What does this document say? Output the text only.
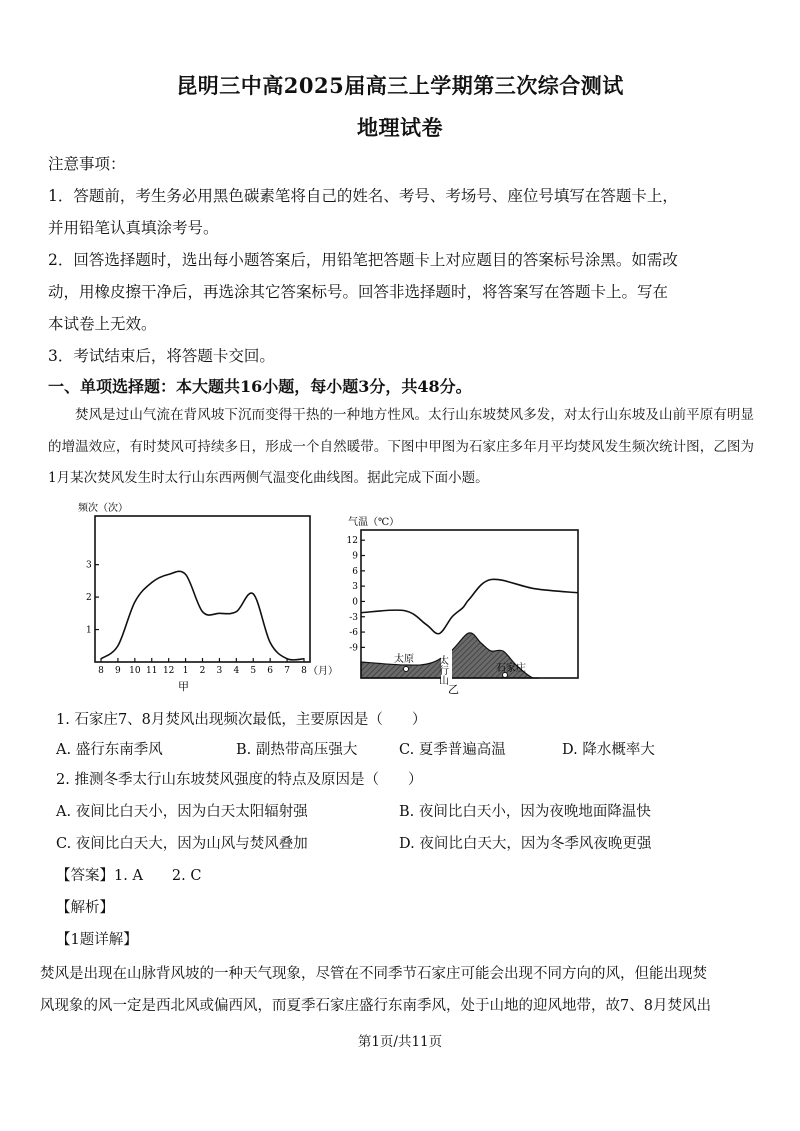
昆明三中高2025届高三上学期第三次综合测试
地理试卷
注意事项：
1．答题前，考生务必用黑色碳素笔将自己的姓名、考号、考场号、座位号填写在答题卡上，
并用铅笔认真填涂考号。
2．回答选择题时，选出每小题答案后，用铅笔把答题卡上对应题目的答案标号涂黑。如需改
动，用橡皮擦干净后，再选涂其它答案标号。回答非选择题时，将答案写在答题卡上。写在
本试卷上无效。
3．考试结束后，将答题卡交回。
一、单项选择题：本大题共16小题，每小题3分，共48分。
焚风是过山气流在背风坡下沉而变得干热的一种地方性风。太行山东坡焚风多发，对太行山东坡及山前平原有明显的增温效应，有时焚风可持续多日，形成一个自然暖带。下图中甲图为石家庄多年月平均焚风发生频次统计图，乙图为1月某次焚风发生时太行山东西两侧气温变化曲线图。据此完成下面小题。
频次（次）
1
2
3
8 9 10 11 12 1 2 3 4 5 6 7 8 （月）
甲
气温（℃）
12
9
6
3
0
-3
-6
-9
太原
石家庄
太行山
乙
1. 石家庄7、8月焚风出现频次最低，主要原因是（　　）
A. 盛行东南季风	B. 副热带高压强大	C. 夏季普遍高温	D. 降水概率大
2. 推测冬季太行山东坡焚风强度的特点及原因是（　　）
A. 夜间比白天小，因为白天太阳辐射强	B. 夜间比白天小，因为夜晚地面降温快
C. 夜间比白天大，因为山风与焚风叠加	D. 夜间比白天大，因为冬季风夜晚更强
【答案】1. A　　2. C
【解析】
【1题详解】
焚风是出现在山脉背风坡的一种天气现象，尽管在不同季节石家庄可能会出现不同方向的风，但能出现焚
风现象的风一定是西北风或偏西风，而夏季石家庄盛行东南季风，处于山地的迎风地带，故7、8月焚风出
第1页/共11页
